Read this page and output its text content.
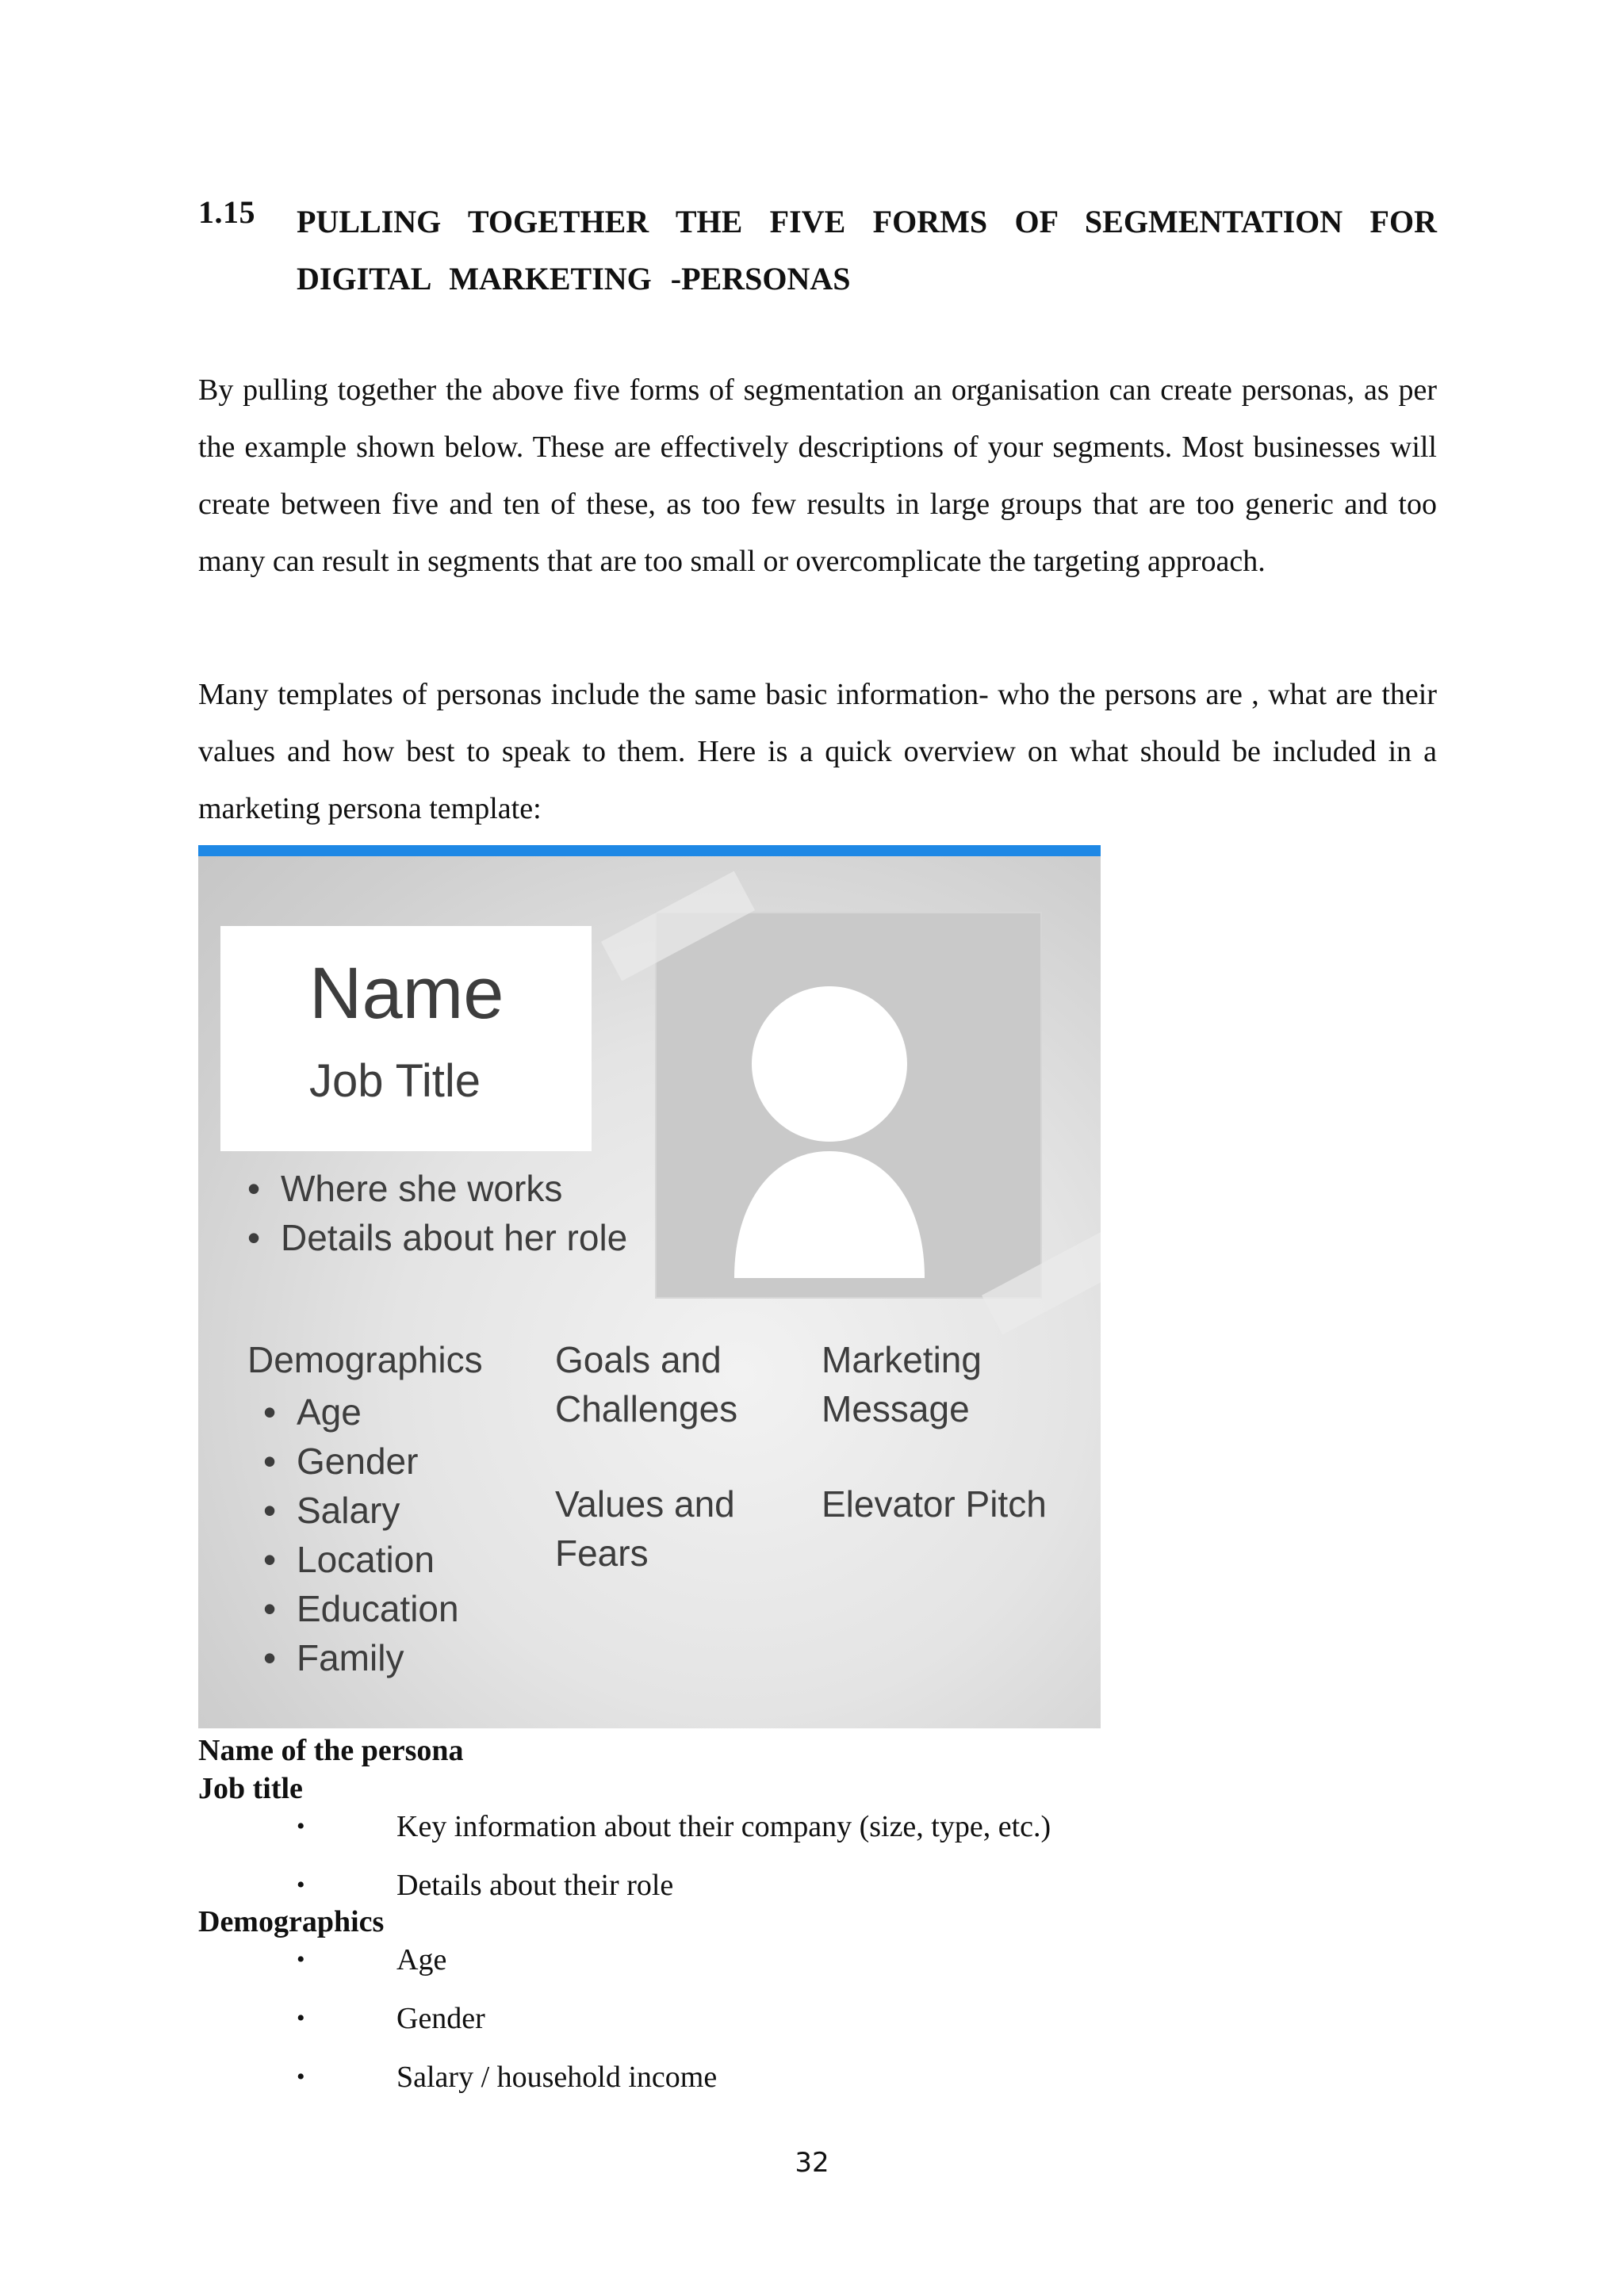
1.15 PULLING TOGETHER THE FIVE FORMS OF SEGMENTATION FOR DIGITAL MARKETING -PERSONAS

By pulling together the above five forms of segmentation an organisation can create personas, as per the example shown below. These are effectively descriptions of your segments. Most businesses will create between five and ten of these, as too few results in large groups that are too generic and too many can result in segments that are too small or overcomplicate the targeting approach.

Many templates of personas include the same basic information- who the persons are , what are their values and how best to speak to them. Here is a quick overview on what should be included in a marketing persona template:

Name
Job Title
• Where she works
• Details about her role
Demographics
• Age
• Gender
• Salary
• Location
• Education
• Family
Goals and Challenges
Values and Fears
Marketing Message
Elevator Pitch
Name of the persona
Job title
•	Key information about their company (size, type, etc.)
•	Details about their role
Demographics
•	Age
•	Gender
•	Salary / household income
32
